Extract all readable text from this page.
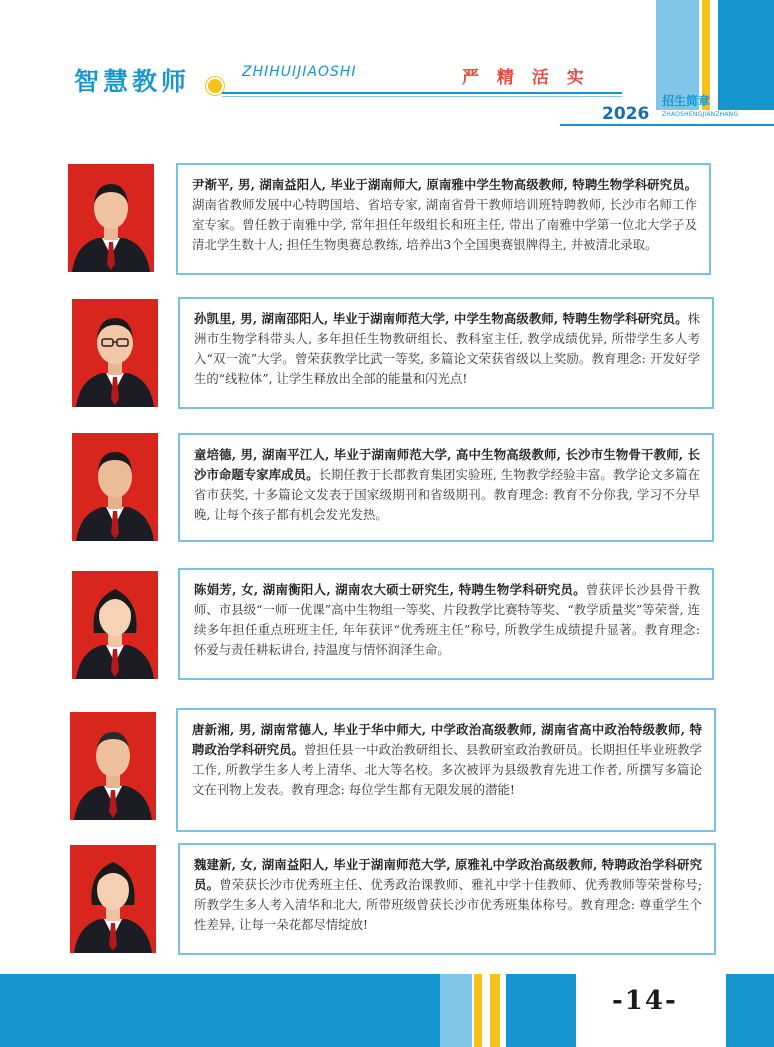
智慧教师	ZHIHUIJIAOSHI	严 精 活 实
2026
招生简章
ZHAOSHENGJIANZHANG
尹渐平, 男, 湖南益阳人, 毕业于湖南师大, 原南雅中学生物高级教师, 特聘生物学科研究员。湖南省教师发展中心特聘国培、省培专家, 湖南省骨干教师培训班特聘教师, 长沙市名师工作室专家。曾任教于南雅中学, 常年担任年级组长和班主任, 带出了南雅中学第一位北大学子及清北学生数十人; 担任生物奥赛总教练, 培养出3个全国奥赛银牌得主, 并被清北录取。
孙凯里, 男, 湖南邵阳人, 毕业于湖南师范大学, 中学生物高级教师, 特聘生物学科研究员。株洲市生物学科带头人, 多年担任生物教研组长、教科室主任, 教学成绩优异, 所带学生多人考入“双一流”大学。曾荣获教学比武一等奖, 多篇论文荣获省级以上奖励。教育理念: 开发好学生的“线粒体”, 让学生释放出全部的能量和闪光点!
童培德, 男, 湖南平江人, 毕业于湖南师范大学, 高中生物高级教师, 长沙市生物骨干教师, 长沙市命题专家库成员。长期任教于长郡教育集团实验班, 生物教学经验丰富。教学论文多篇在省市获奖, 十多篇论文发表于国家级期刊和省级期刊。教育理念: 教育不分你我, 学习不分早晚, 让每个孩子都有机会发光发热。
陈娟芳, 女, 湖南衡阳人, 湖南农大硕士研究生, 特聘生物学科研究员。曾获评长沙县骨干教师、市县级“一师一优课”高中生物组一等奖、片段教学比赛特等奖、“教学质量奖”等荣誉, 连续多年担任重点班班主任, 年年获评“优秀班主任”称号, 所教学生成绩提升显著。教育理念: 怀爱与责任耕耘讲台, 持温度与情怀润泽生命。
唐新湘, 男, 湖南常德人, 毕业于华中师大, 中学政治高级教师, 湖南省高中政治特级教师, 特聘政治学科研究员。曾担任县一中政治教研组长、县教研室政治教研员。长期担任毕业班教学工作, 所教学生多人考上清华、北大等名校。多次被评为县级教育先进工作者, 所撰写多篇论文在刊物上发表。教育理念: 每位学生都有无限发展的潜能!
魏建新, 女, 湖南益阳人, 毕业于湖南师范大学, 原雅礼中学政治高级教师, 特聘政治学科研究员。曾荣获长沙市优秀班主任、优秀政治课教师、雅礼中学十佳教师、优秀教师等荣誉称号; 所教学生多人考入清华和北大, 所带班级曾获长沙市优秀班集体称号。教育理念: 尊重学生个性差异, 让每一朵花都尽情绽放!
-14-
